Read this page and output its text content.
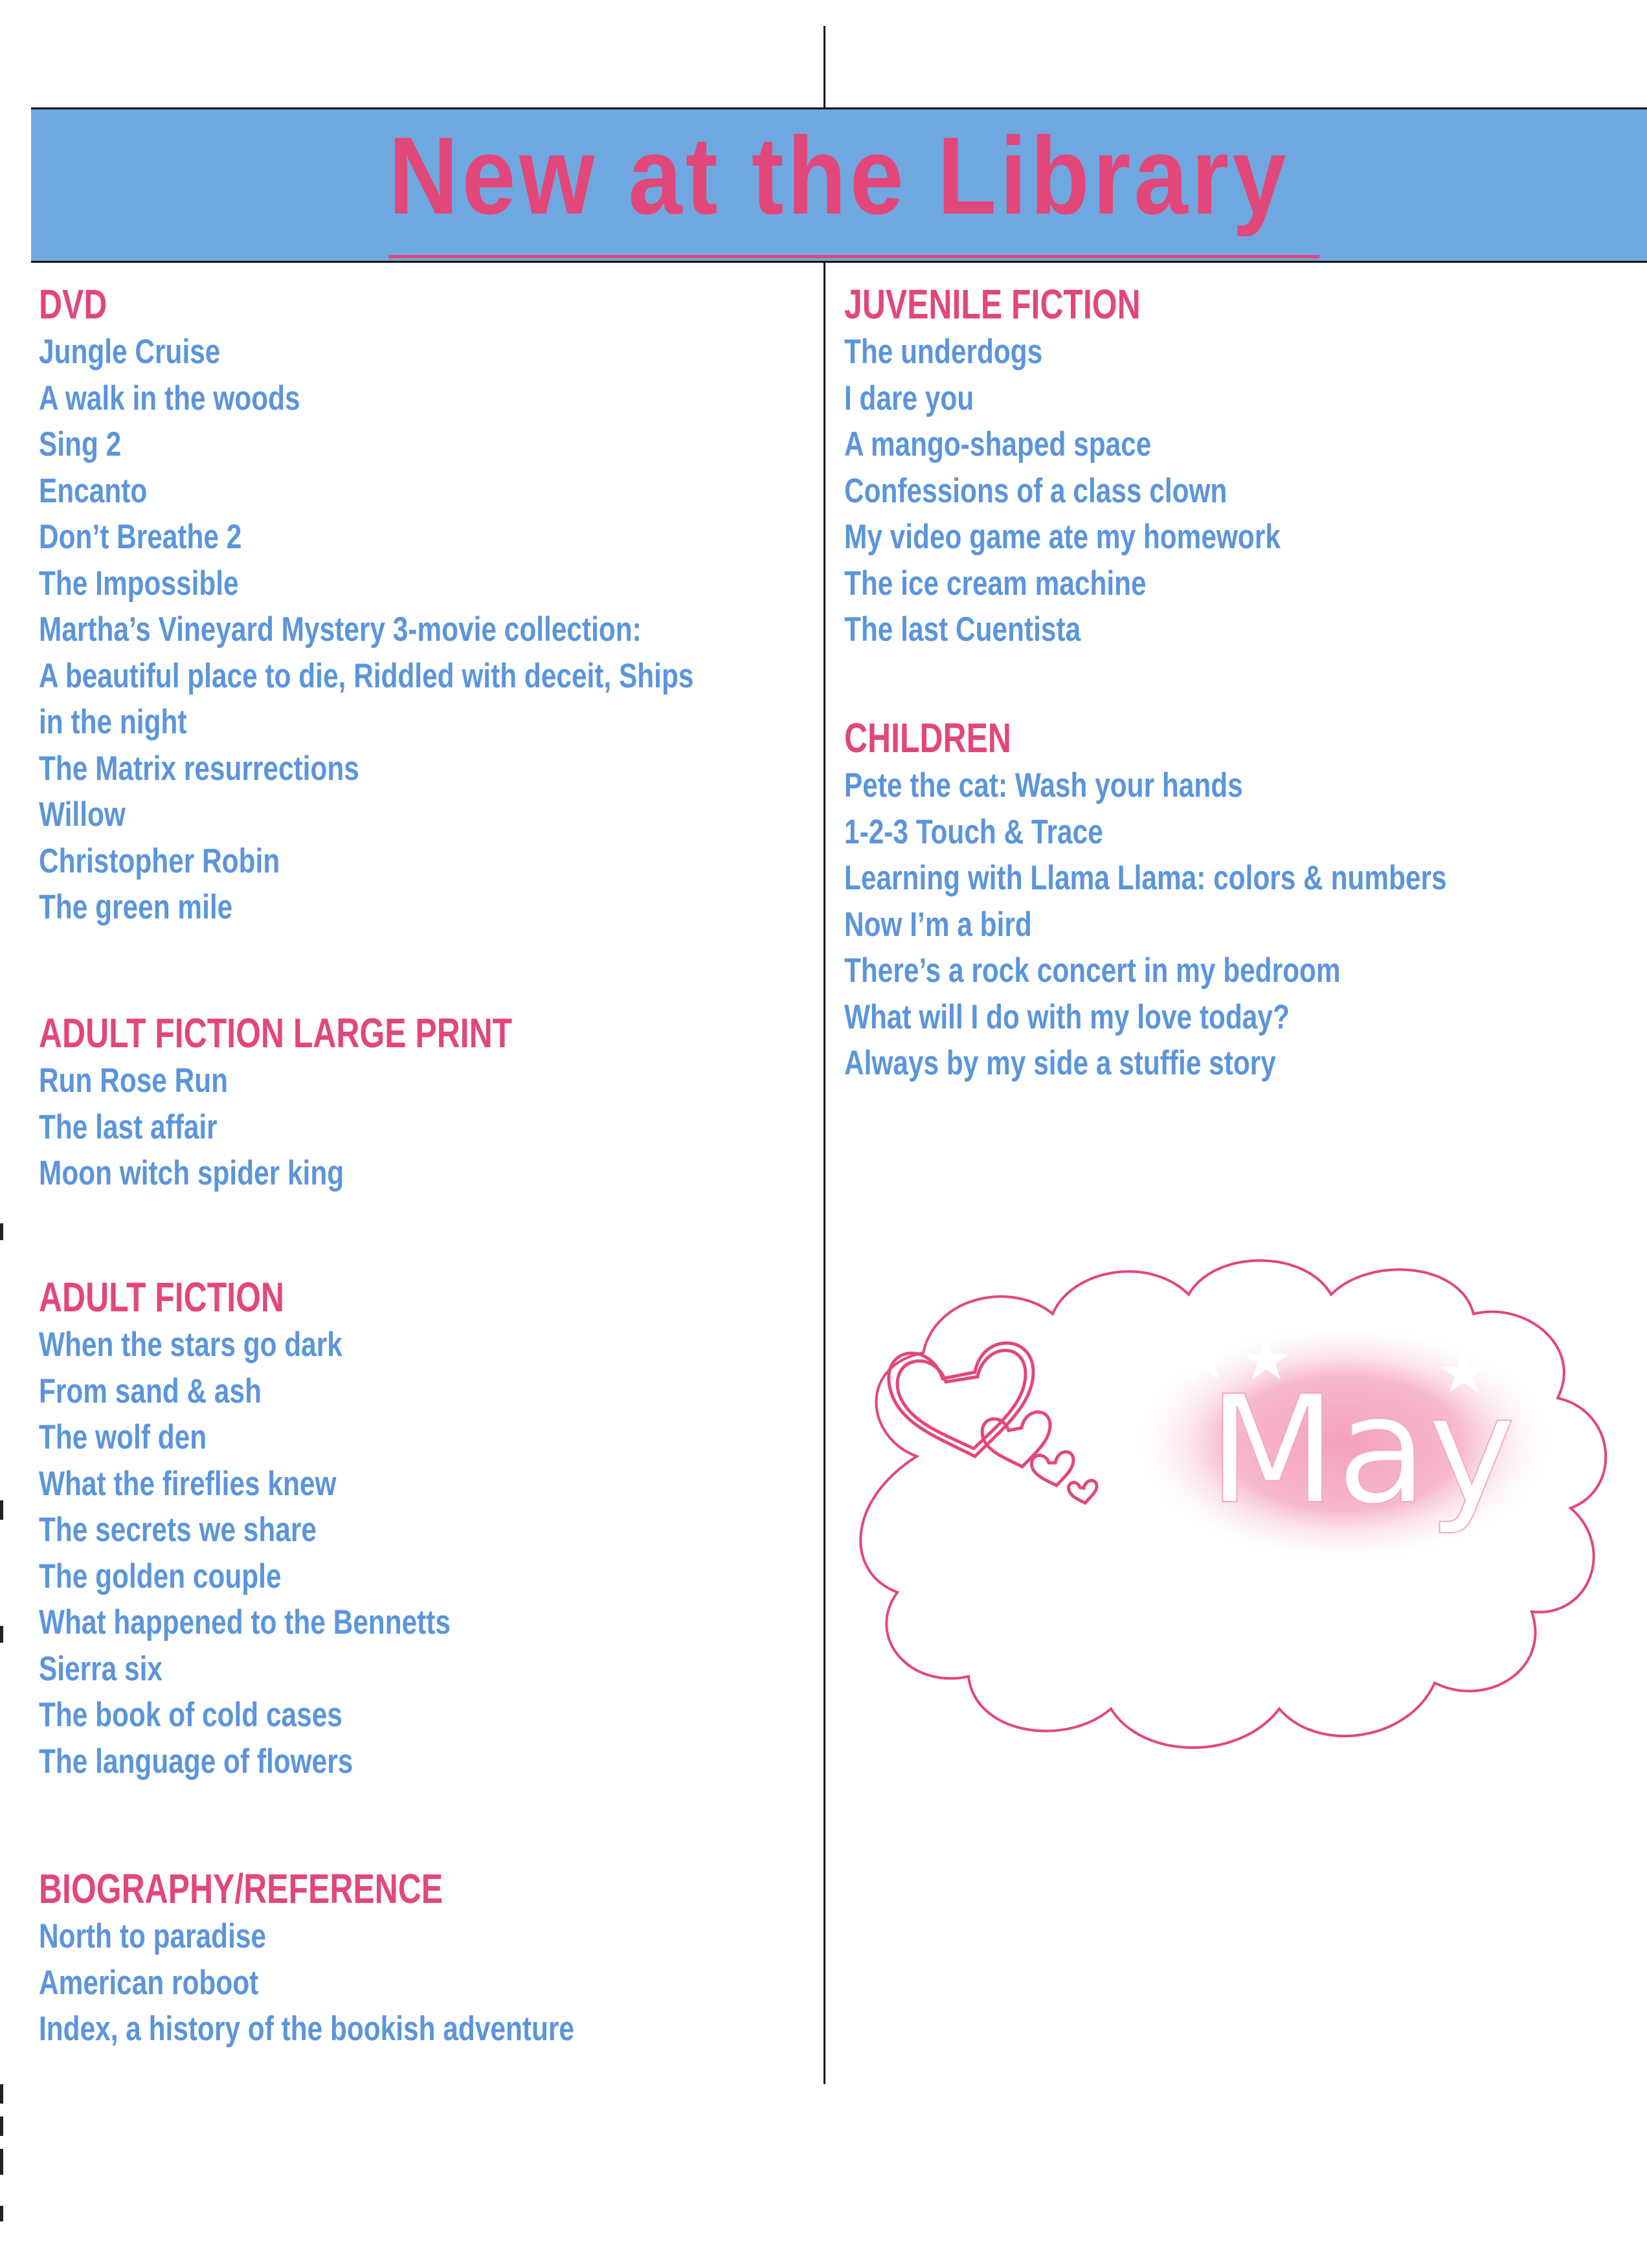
New at the Library
DVD
Jungle Cruise
A walk in the woods
Sing 2
Encanto
Don’t Breathe 2
The Impossible
Martha’s Vineyard Mystery 3-movie collection:
A beautiful place to die, Riddled with deceit, Ships
in the night
The Matrix resurrections
Willow
Christopher Robin
The green mile
ADULT FICTION LARGE PRINT
Run Rose Run
The last affair
Moon witch spider king
ADULT FICTION
When the stars go dark
From sand & ash
The wolf den
What the fireflies knew
The secrets we share
The golden couple
What happened to the Bennetts
Sierra six
The book of cold cases
The language of flowers
BIOGRAPHY/REFERENCE
North to paradise
American roboot
Index, a history of the bookish adventure
JUVENILE FICTION
The underdogs
I dare you
A mango-shaped space
Confessions of a class clown
My video game ate my homework
The ice cream machine
The last Cuentista
CHILDREN
Pete the cat: Wash your hands
1-2-3 Touch & Trace
Learning with Llama Llama: colors & numbers
Now I’m a bird
There’s a rock concert in my bedroom
What will I do with my love today?
Always by my side a stuffie story
May
